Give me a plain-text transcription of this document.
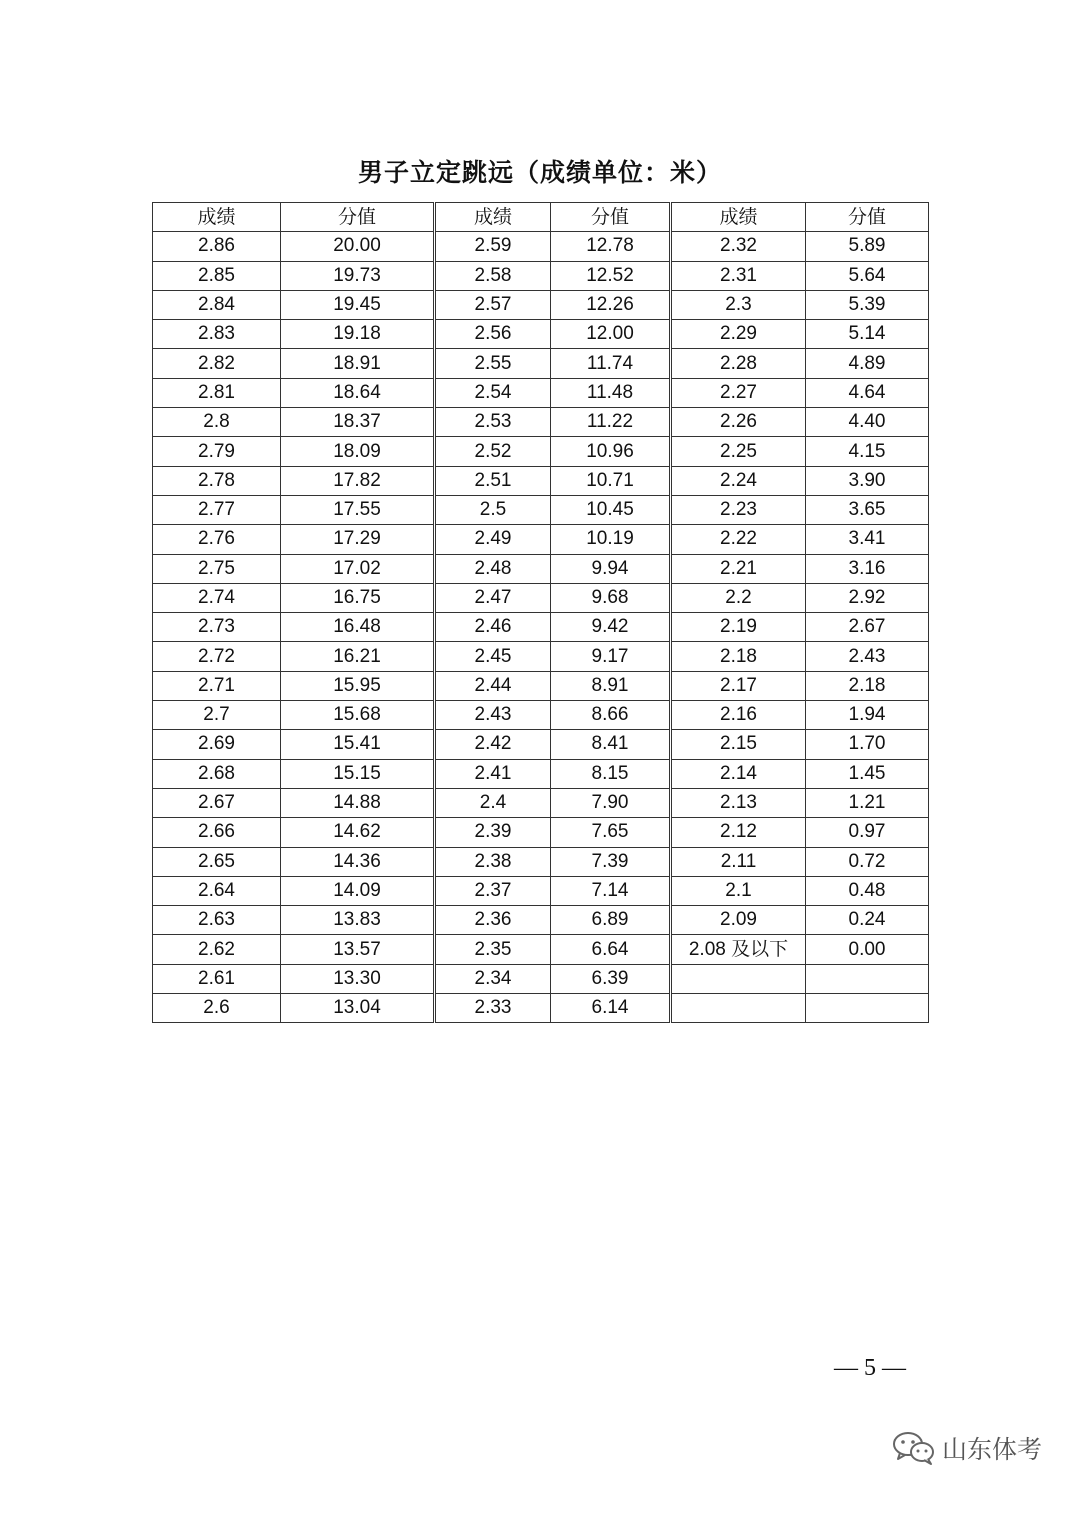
男子立定跳远（成绩单位：米）
成绩	分值	成绩	分值	成绩	分值
2.86	20.00	2.59	12.78	2.32	5.89
2.85	19.73	2.58	12.52	2.31	5.64
2.84	19.45	2.57	12.26	2.3	5.39
2.83	19.18	2.56	12.00	2.29	5.14
2.82	18.91	2.55	11.74	2.28	4.89
2.81	18.64	2.54	11.48	2.27	4.64
2.8	18.37	2.53	11.22	2.26	4.40
2.79	18.09	2.52	10.96	2.25	4.15
2.78	17.82	2.51	10.71	2.24	3.90
2.77	17.55	2.5	10.45	2.23	3.65
2.76	17.29	2.49	10.19	2.22	3.41
2.75	17.02	2.48	9.94	2.21	3.16
2.74	16.75	2.47	9.68	2.2	2.92
2.73	16.48	2.46	9.42	2.19	2.67
2.72	16.21	2.45	9.17	2.18	2.43
2.71	15.95	2.44	8.91	2.17	2.18
2.7	15.68	2.43	8.66	2.16	1.94
2.69	15.41	2.42	8.41	2.15	1.70
2.68	15.15	2.41	8.15	2.14	1.45
2.67	14.88	2.4	7.90	2.13	1.21
2.66	14.62	2.39	7.65	2.12	0.97
2.65	14.36	2.38	7.39	2.11	0.72
2.64	14.09	2.37	7.14	2.1	0.48
2.63	13.83	2.36	6.89	2.09	0.24
2.62	13.57	2.35	6.64	2.08 及以下	0.00
2.61	13.30	2.34	6.39		
2.6	13.04	2.33	6.14		
— 5 —
山东体考
